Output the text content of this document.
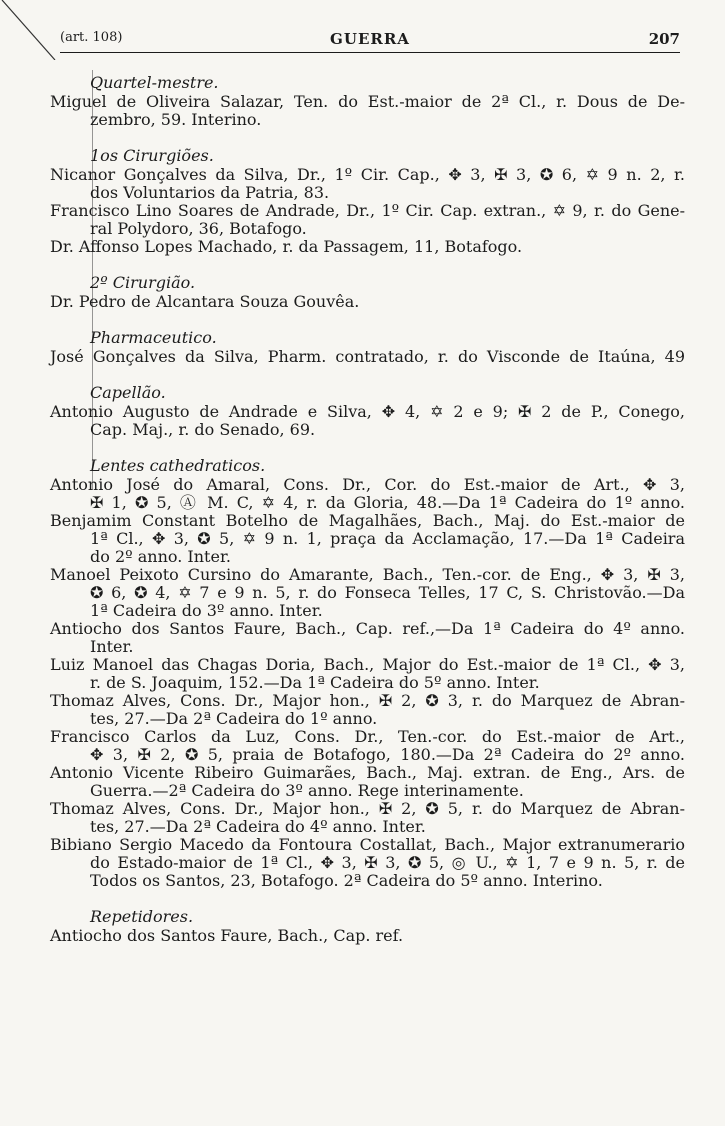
(art. 108)	GUERRA	207
Quartel-mestre.
Miguel de Oliveira Salazar, Ten. do Est.-maior de 2ª Cl., r. Dous de De-
zembro, 59. Interino.
1os Cirurgiões.
Nicanor Gonçalves da Silva, Dr., 1º Cir. Cap., ✥ 3, ✠ 3, ✪ 6, ✡ 9 n. 2, r.
dos Voluntarios da Patria, 83.
Francisco Lino Soares de Andrade, Dr., 1º Cir. Cap. extran., ✡ 9, r. do Gene-
ral Polydoro, 36, Botafogo.
Dr. Affonso Lopes Machado, r. da Passagem, 11, Botafogo.
2º Cirurgião.
Dr. Pedro de Alcantara Souza Gouvêa.
Pharmaceutico.
José Gonçalves da Silva, Pharm. contratado, r. do Visconde de Itaúna, 49
Capellão.
Antonio Augusto de Andrade e Silva, ✥ 4, ✡ 2 e 9; ✠ 2 de P., Conego,
Cap. Maj., r. do Senado, 69.
Lentes cathedraticos.
Antonio José do Amaral, Cons. Dr., Cor. do Est.-maior de Art., ✥ 3,
✠ 1, ✪ 5, Ⓐ M. C, ✡ 4, r. da Gloria, 48.—Da 1ª Cadeira do 1º anno.
Benjamim Constant Botelho de Magalhães, Bach., Maj. do Est.-maior de
1ª Cl., ✥ 3, ✪ 5, ✡ 9 n. 1, praça da Acclamação, 17.—Da 1ª Cadeira
do 2º anno. Inter.
Manoel Peixoto Cursino do Amarante, Bach., Ten.-cor. de Eng., ✥ 3, ✠ 3,
✪ 6, ✪ 4, ✡ 7 e 9 n. 5, r. do Fonseca Telles, 17 C, S. Christovão.—Da
1ª Cadeira do 3º anno. Inter.
Antiocho dos Santos Faure, Bach., Cap. ref.,—Da 1ª Cadeira do 4º anno.
Inter.
Luiz Manoel das Chagas Doria, Bach., Major do Est.-maior de 1ª Cl., ✥ 3,
r. de S. Joaquim, 152.—Da 1ª Cadeira do 5º anno. Inter.
Thomaz Alves, Cons. Dr., Major hon., ✠ 2, ✪ 3, r. do Marquez de Abran-
tes, 27.—Da 2ª Cadeira do 1º anno.
Francisco Carlos da Luz, Cons. Dr., Ten.-cor. do Est.-maior de Art.,
✥ 3, ✠ 2, ✪ 5, praia de Botafogo, 180.—Da 2ª Cadeira do 2º anno.
Antonio Vicente Ribeiro Guimarães, Bach., Maj. extran. de Eng., Ars. de
Guerra.—2ª Cadeira do 3º anno. Rege interinamente.
Thomaz Alves, Cons. Dr., Major hon., ✠ 2, ✪ 5, r. do Marquez de Abran-
tes, 27.—Da 2ª Cadeira do 4º anno. Inter.
Bibiano Sergio Macedo da Fontoura Costallat, Bach., Major extranumerario
do Estado-maior de 1ª Cl., ✥ 3, ✠ 3, ✪ 5, ◎ U., ✡ 1, 7 e 9 n. 5, r. de
Todos os Santos, 23, Botafogo. 2ª Cadeira do 5º anno. Interino.
Repetidores.
Antiocho dos Santos Faure, Bach., Cap. ref.
